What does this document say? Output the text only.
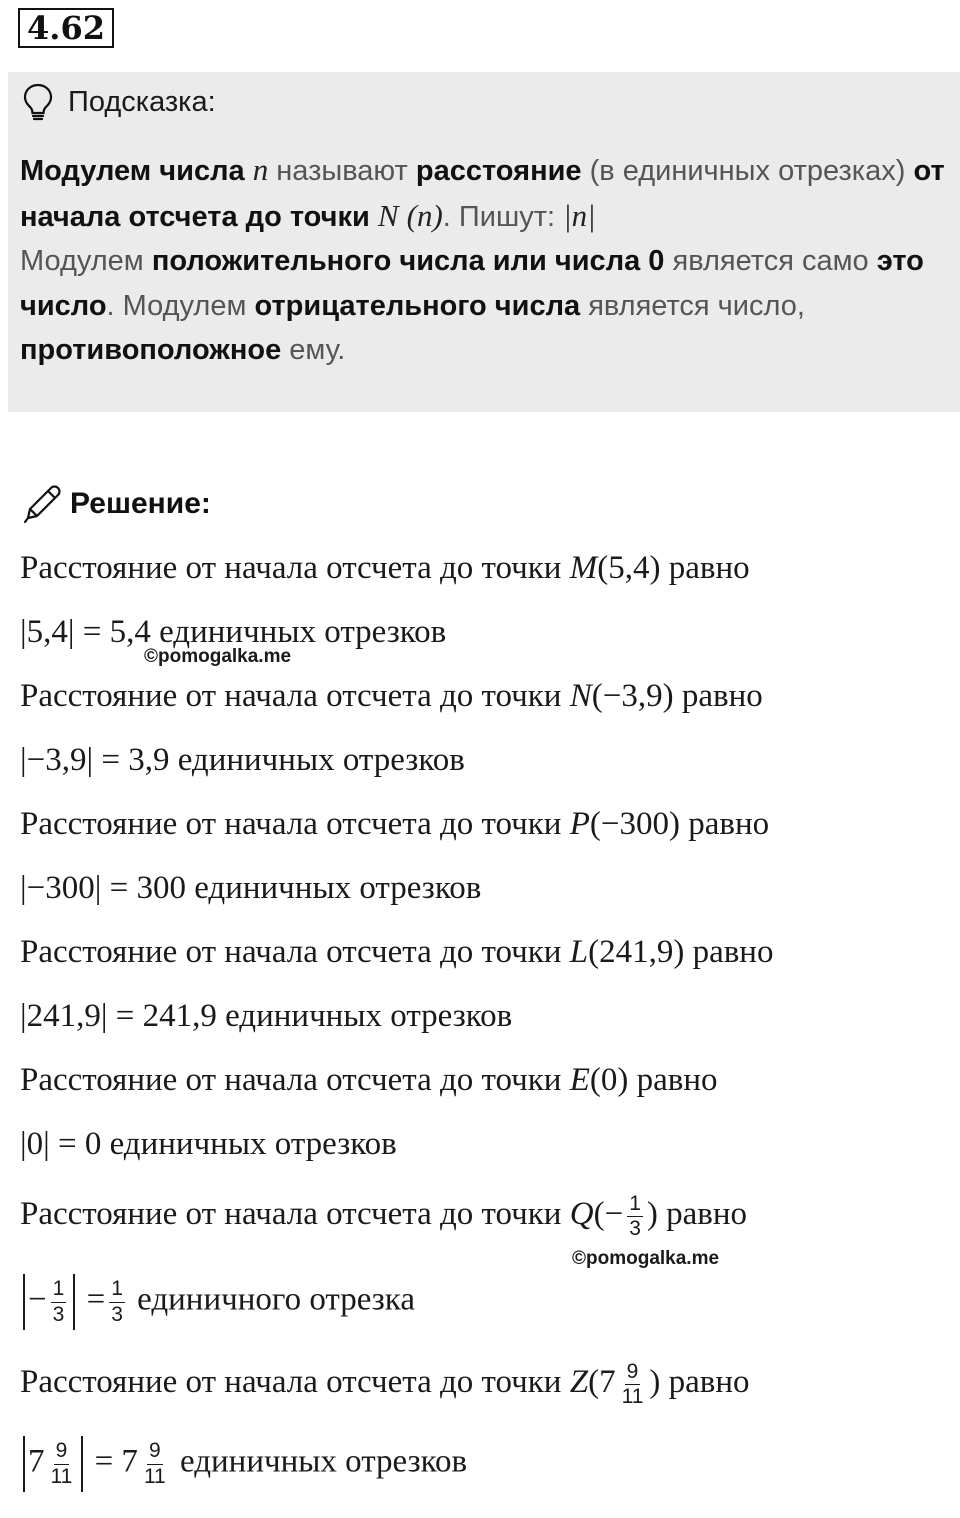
4.62
Подсказка:
Модулем числа n называют расстояние (в единичных отрезках) от начала отсчета до точки N (n). Пишут: |n|
Модулем положительного числа или числа 0 является само это число. Модулем отрицательного числа является число, противоположное ему.
Решение:
Расстояние от начала отсчета до точки M(5,4) равно
|5,4| = 5,4 единичных отрезков
©pomogalka.me
Расстояние от начала отсчета до точки N(−3,9) равно
|−3,9| = 3,9 единичных отрезков
Расстояние от начала отсчета до точки P(−300) равно
|−300| = 300 единичных отрезков
Расстояние от начала отсчета до точки L(241,9) равно
|241,9| = 241,9 единичных отрезков
Расстояние от начала отсчета до точки E(0) равно
|0| = 0 единичных отрезков
Расстояние от начала отсчета до точки $Q(- \frac{1}{3}$ ) равно
©pomogalka.me
− $\frac{1}{3} = \frac{1}{3}$ единичного отрезка
Расстояние от начала отсчета до точки $Z(7 \frac{9}{11}$ ) равно
$7 \frac{9}{11} = 7 \frac{9}{11}$ единичных отрезков
